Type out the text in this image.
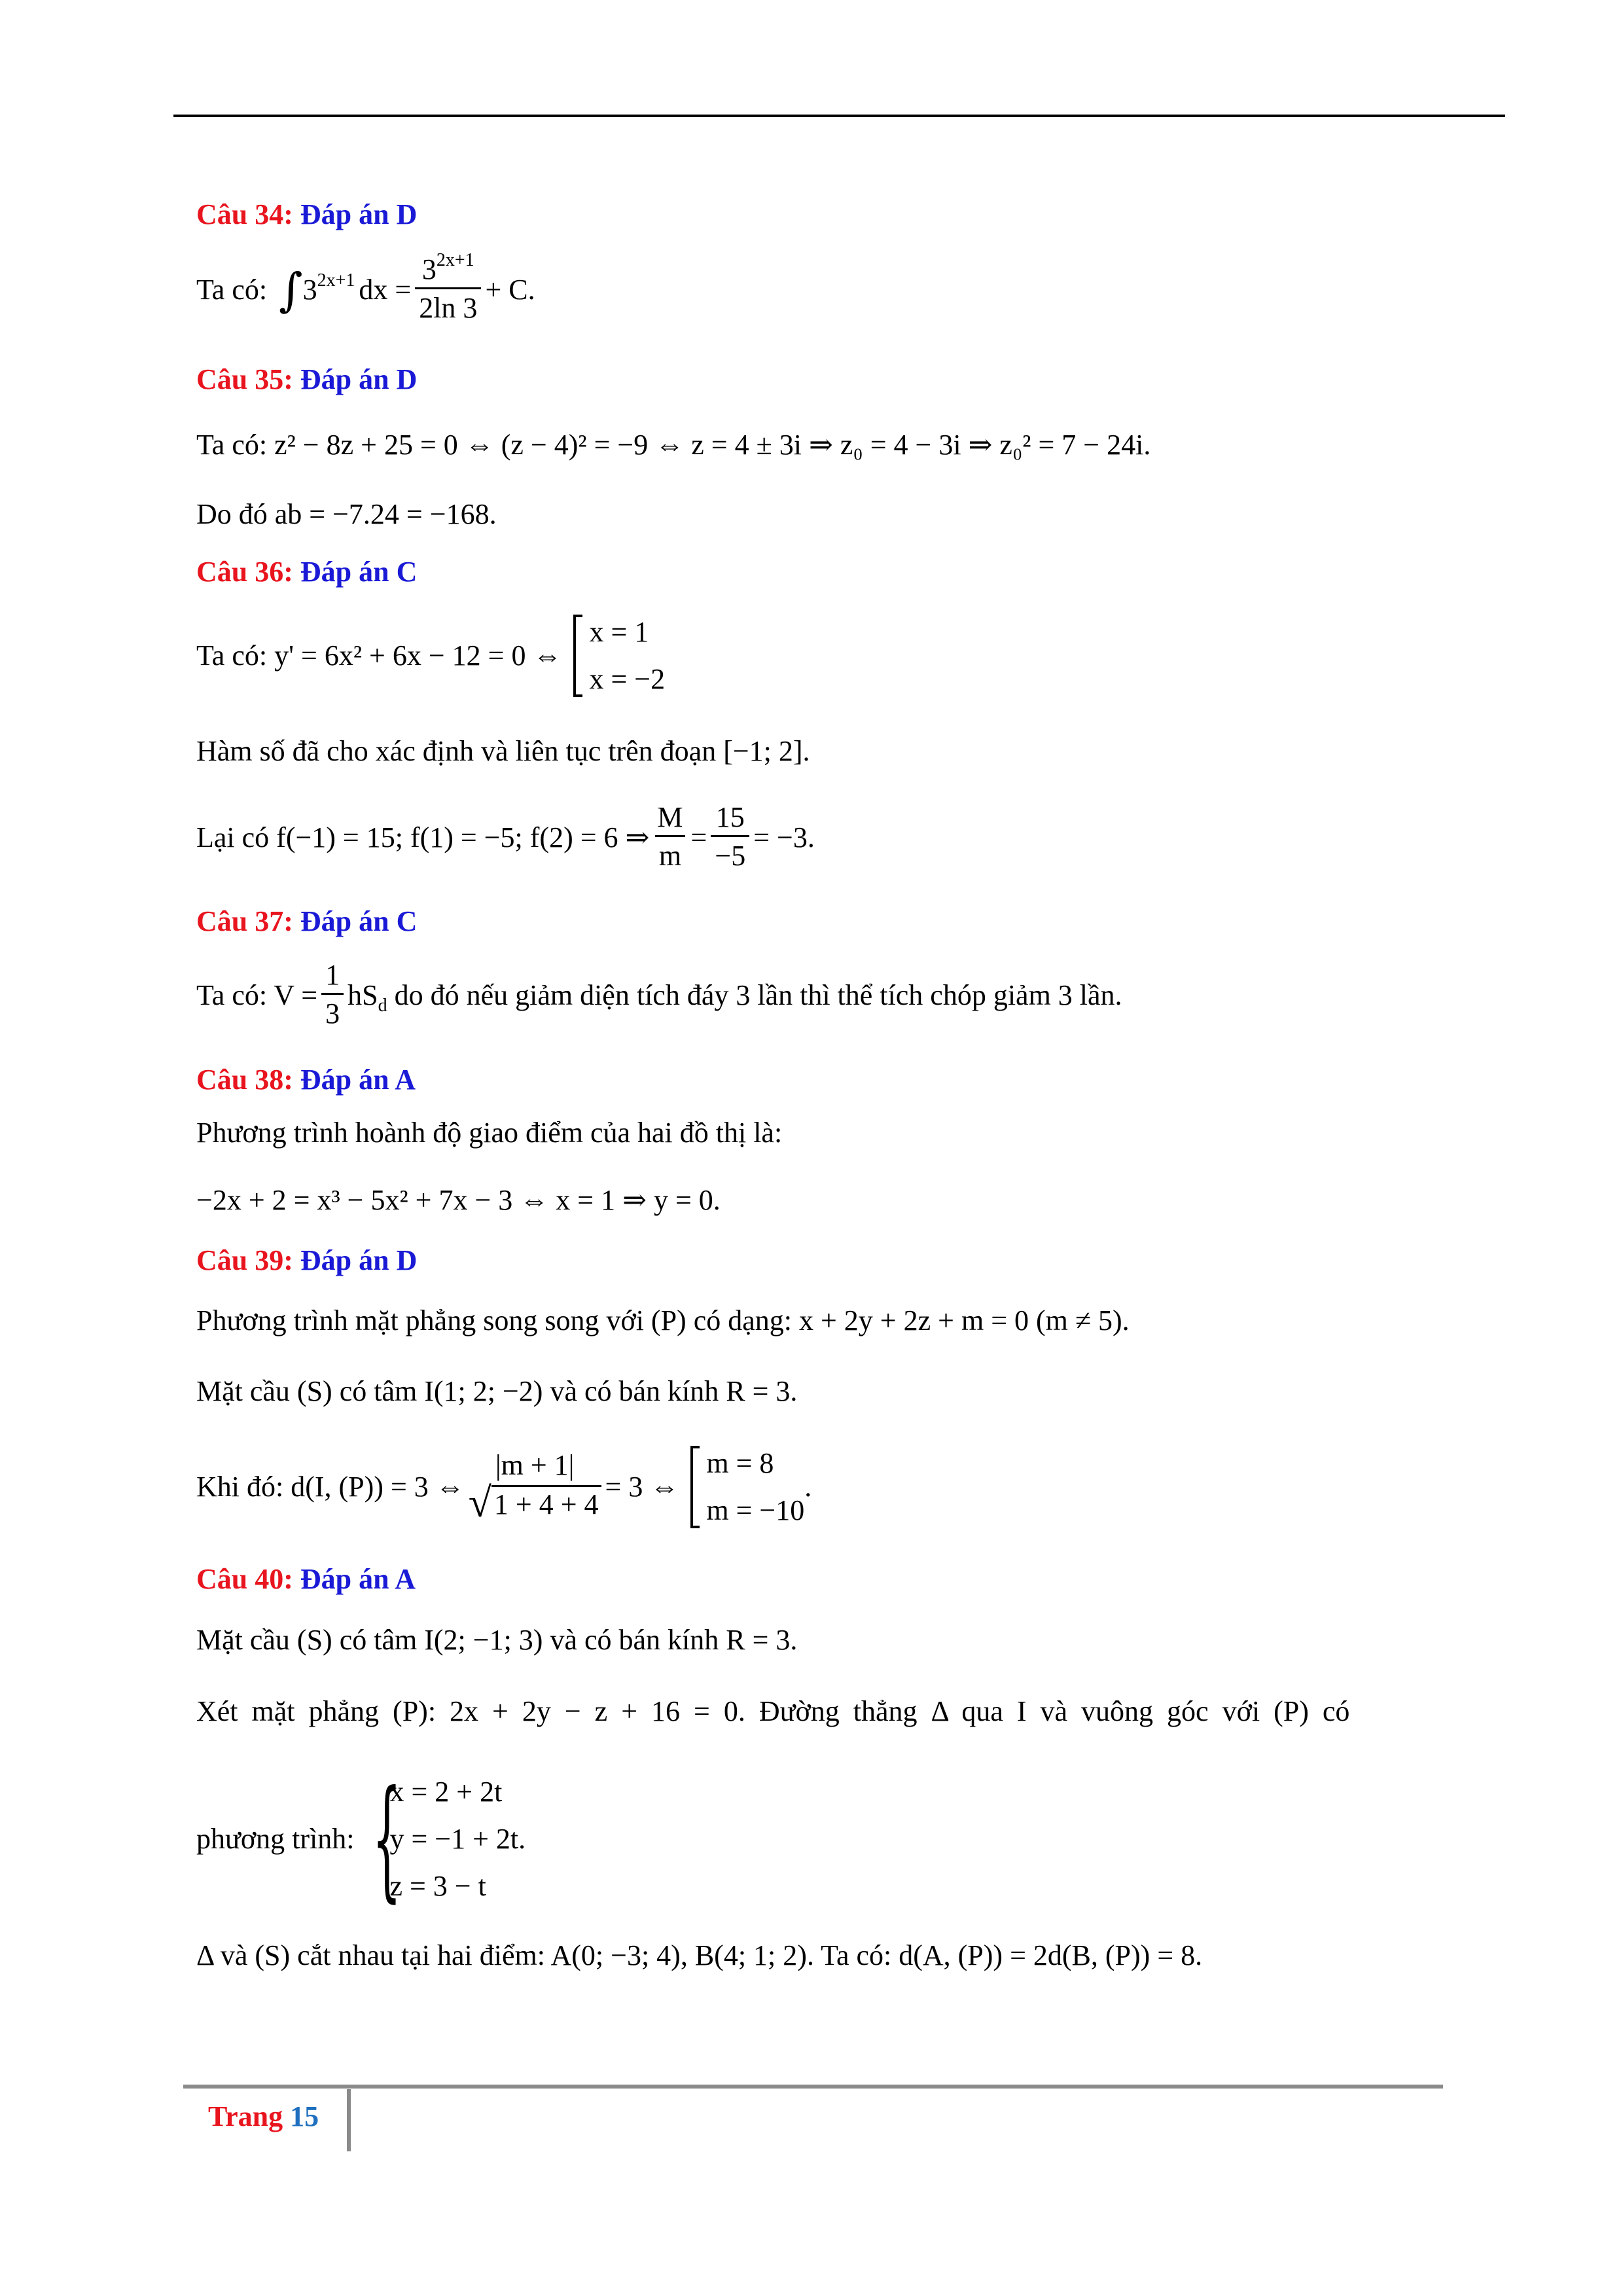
Câu 34: Đáp án D
Ta có: ∫ $3^{2x+1}$ dx = $\frac{3^{2x+1}}{2\ln 3} + C$.
Câu 35: Đáp án D
Ta có: z² − 8z + 25 = 0 ⇔ (z − 4)² = −9 ⇔ z = 4 ± 3i ⇒ z₀ = 4 − 3i ⇒ z₀² = 7 − 24i.
Do đó ab = −7.24 = −168.
Câu 36: Đáp án C
Ta có: y' = 6x² + 6x − 12 = 0 ⇔
x = 1
x = −2
Hàm số đã cho xác định và liên tục trên đoạn [−1; 2].
Lại có f(−1) = 15; f(1) = −5; f(2) = 6 ⇒ $\frac{M}{m} = \frac{15}{-5} = -3$.
Câu 37: Đáp án C
Ta có: $V = \frac{1}{3} hS_d$ do đó nếu giảm diện tích đáy 3 lần thì thể tích chóp giảm 3 lần.
Câu 38: Đáp án A
Phương trình hoành độ giao điểm của hai đồ thị là:
−2x + 2 = x³ − 5x² + 7x − 3 ⇔ x = 1 ⇒ y = 0.
Câu 39: Đáp án D
Phương trình mặt phẳng song song với (P) có dạng: x + 2y + 2z + m = 0 (m ≠ 5).
Mặt cầu (S) có tâm I(1; 2; −2) và có bán kính R = 3.
Khi đó: d(I, (P)) = 3 ⇔
|m + 1|
√ 1 + 4 + 4
= 3 ⇔
m = 8
m = −10
.
Câu 40: Đáp án A
Mặt cầu (S) có tâm I(2; −1; 3) và có bán kính R = 3.
Xét mặt phẳng (P): 2x + 2y − z + 16 = 0. Đường thẳng Δ qua I và vuông góc với (P) có
phương trình: {
x = 2 + 2t
y = −1 + 2t.
z = 3 − t
Δ và (S) cắt nhau tại hai điểm: A(0; −3; 4), B(4; 1; 2). Ta có: d(A, (P)) = 2d(B, (P)) = 8.
Trang 15
